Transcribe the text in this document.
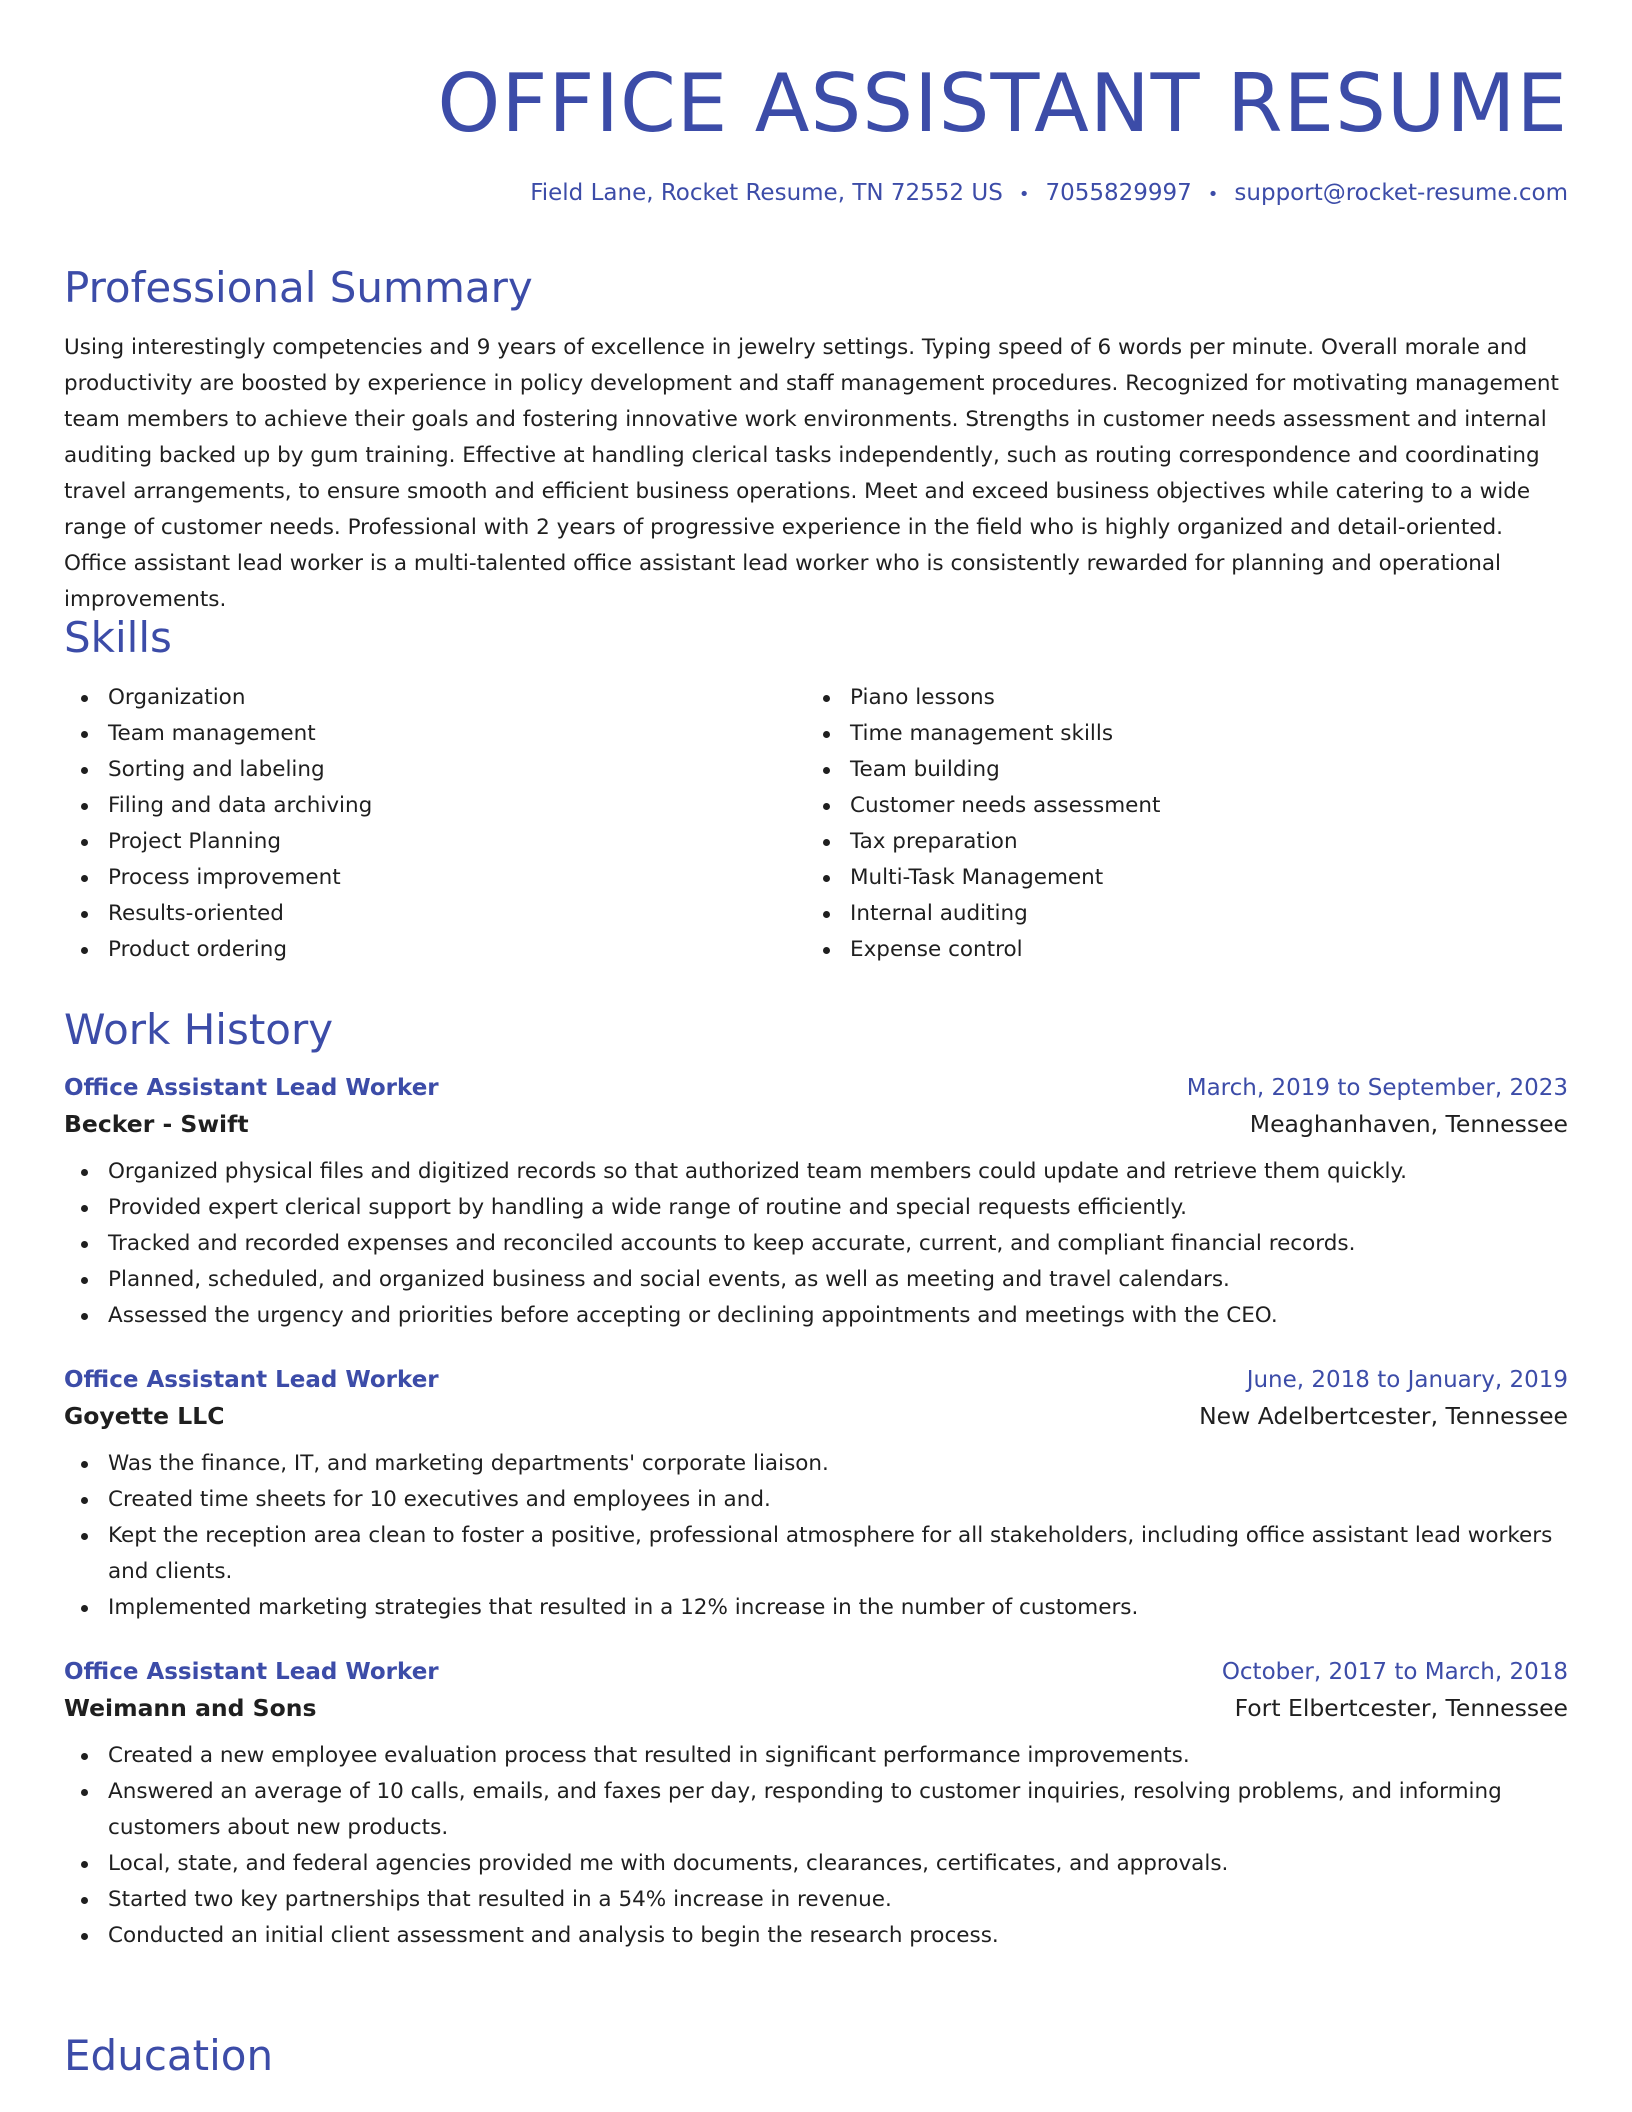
OFFICE ASSISTANT RESUME
Field Lane, Rocket Resume, TN 72552 US • 7055829997 • support@rocket-resume.com
Professional Summary

Using interestingly competencies and 9 years of excellence in jewelry settings. Typing speed of 6 words per minute. Overall morale and productivity are boosted by experience in policy development and staff management procedures. Recognized for motivating management team members to achieve their goals and fostering innovative work environments. Strengths in customer needs assessment and internal auditing backed up by gum training. Effective at handling clerical tasks independently, such as routing correspondence and coordinating travel arrangements, to ensure smooth and efficient business operations. Meet and exceed business objectives while catering to a wide range of customer needs. Professional with 2 years of progressive experience in the field who is highly organized and detail-oriented. Office assistant lead worker is a multi-talented office assistant lead worker who is consistently rewarded for planning and operational improvements.

Skills
Organization
Team management
Sorting and labeling
Filing and data archiving
Project Planning
Process improvement
Results-oriented
Product ordering
Piano lessons
Time management skills
Team building
Customer needs assessment
Tax preparation
Multi-Task Management
Internal auditing
Expense control
Work History
Office Assistant Lead Worker	March, 2019 to September, 2023
Becker - Swift	Meaghanhaven, Tennessee
Organized physical files and digitized records so that authorized team members could update and retrieve them quickly.
Provided expert clerical support by handling a wide range of routine and special requests efficiently.
Tracked and recorded expenses and reconciled accounts to keep accurate, current, and compliant financial records.
Planned, scheduled, and organized business and social events, as well as meeting and travel calendars.
Assessed the urgency and priorities before accepting or declining appointments and meetings with the CEO.
Office Assistant Lead Worker	June, 2018 to January, 2019
Goyette LLC	New Adelbertcester, Tennessee
Was the finance, IT, and marketing departments' corporate liaison.
Created time sheets for 10 executives and employees in and.
Kept the reception area clean to foster a positive, professional atmosphere for all stakeholders, including office assistant lead workers and clients.
Implemented marketing strategies that resulted in a 12% increase in the number of customers.
Office Assistant Lead Worker	October, 2017 to March, 2018
Weimann and Sons	Fort Elbertcester, Tennessee
Created a new employee evaluation process that resulted in significant performance improvements.
Answered an average of 10 calls, emails, and faxes per day, responding to customer inquiries, resolving problems, and informing customers about new products.
Local, state, and federal agencies provided me with documents, clearances, certificates, and approvals.
Started two key partnerships that resulted in a 54% increase in revenue.
Conducted an initial client assessment and analysis to begin the research process.
Education
